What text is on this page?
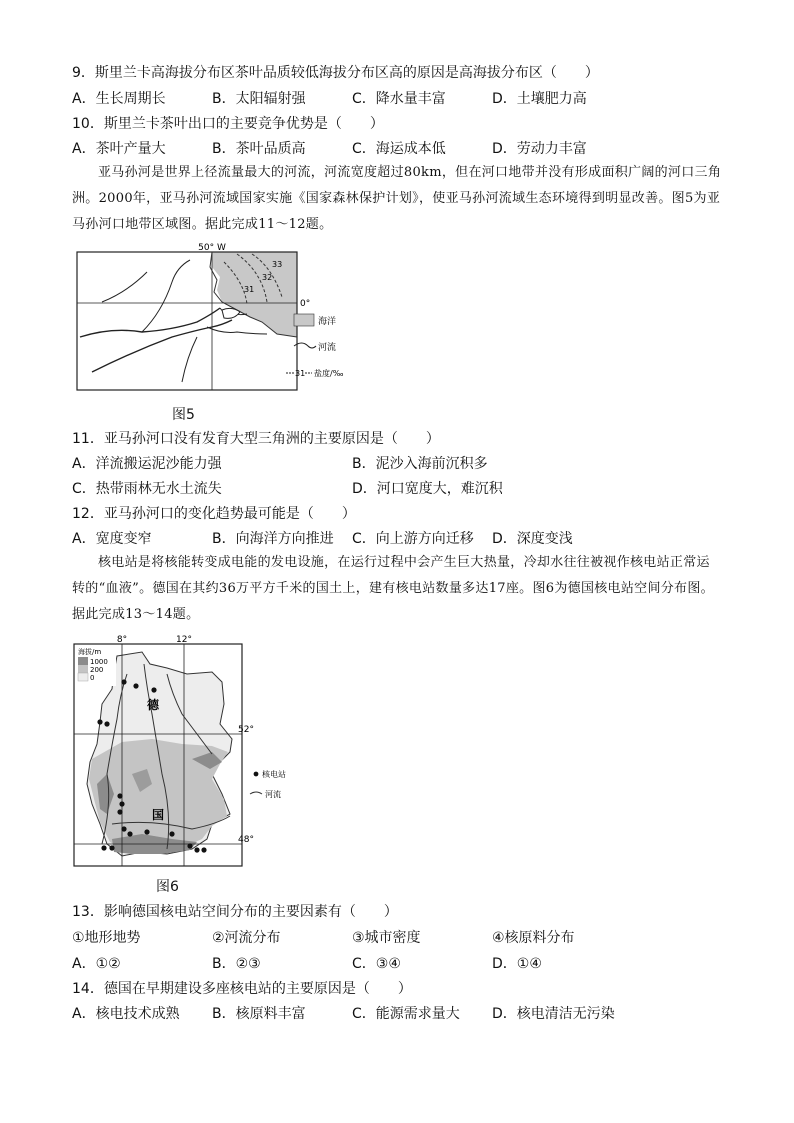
9．斯里兰卡高海拔分布区茶叶品质较低海拔分布区高的原因是高海拔分布区（　　）
A．生长周期长	B．太阳辐射强	C．降水量丰富	D．土壤肥力高
10．斯里兰卡茶叶出口的主要竞争优势是（　　）
A．茶叶产量大	B．茶叶品质高	C．海运成本低	D．劳动力丰富
亚马孙河是世界上径流量最大的河流，河流宽度超过80km，但在河口地带并没有形成面积广阔的河口三角洲。2000年，亚马孙河流域国家实施《国家森林保护计划》，使亚马孙河流域生态环境得到明显改善。图5为亚马孙河口地带区域图。据此完成11～12题。
50° W
0°
33
32
31
海洋
河流
31 盐度/‰
图5
11．亚马孙河口没有发育大型三角洲的主要原因是（　　）
A．洋流搬运泥沙能力强	B．泥沙入海前沉积多
C．热带雨林无水土流失	D．河口宽度大，难沉积
12．亚马孙河口的变化趋势最可能是（　　）
A．宽度变窄	B．向海洋方向推进 C．向上游方向迁移 D．深度变浅
核电站是将核能转变成电能的发电设施，在运行过程中会产生巨大热量，冷却水往往被视作核电站正常运转的“血液”。德国在其约36万平方千米的国土上，建有核电站数量多达17座。图6为德国核电站空间分布图。据此完成13～14题。
海拔/m
1000
200
0
8°	12°
52°
48°
德
国
核电站
河流
图6
13．影响德国核电站空间分布的主要因素有（　　）
①地形地势	②河流分布	③城市密度	④核原料分布
A．①②	B．②③	C．③④	D．①④
14．德国在早期建设多座核电站的主要原因是（　　）
A．核电技术成熟 B．核原料丰富	C．能源需求量大 D．核电清洁无污染
